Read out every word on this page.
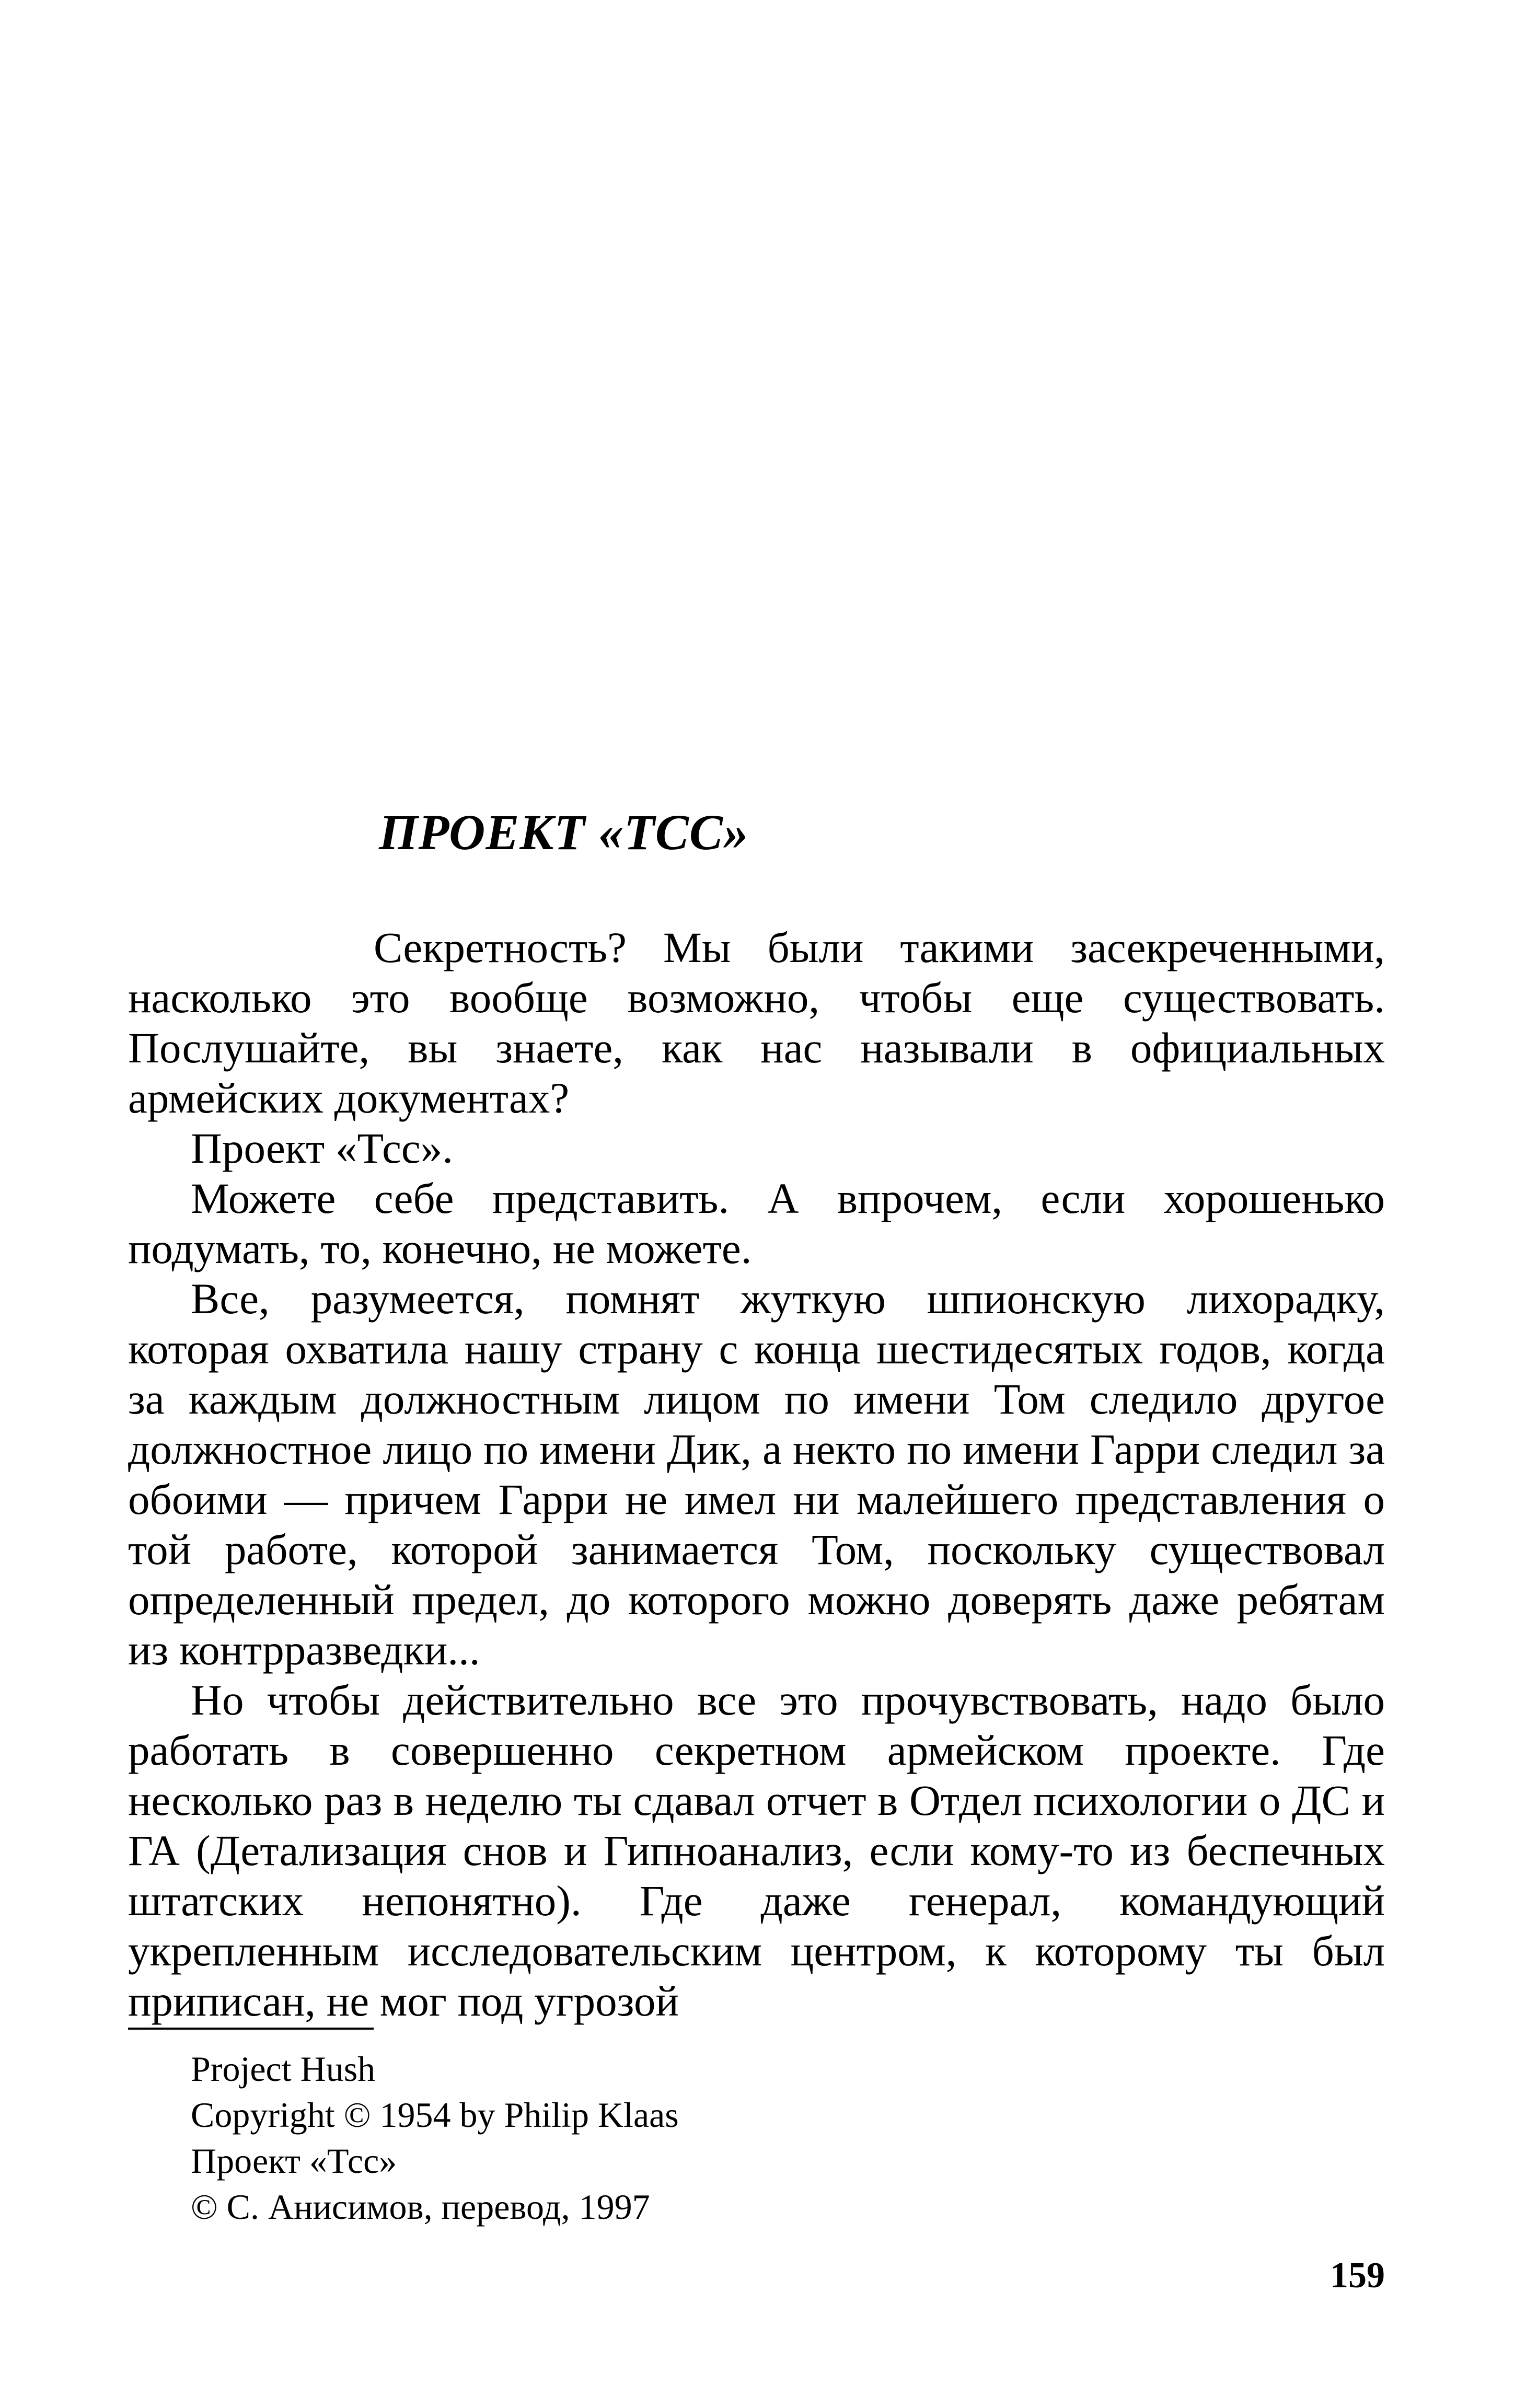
ПРОЕКТ «ТСС»

Секретность? Мы были такими засекреченными, насколько это вообще возможно, чтобы еще существовать. Послушайте, вы знаете, как нас называли в официальных армейских документах?

Проект «Тсс».

Можете себе представить. А впрочем, если хорошенько подумать, то, конечно, не можете.

Все, разумеется, помнят жуткую шпионскую лихорадку, которая охватила нашу страну с конца шестидесятых годов, когда за каждым должностным лицом по имени Том следило другое должностное лицо по имени Дик, а некто по имени Гарри следил за обоими — причем Гарри не имел ни малейшего представления о той работе, которой занимается Том, поскольку существовал определенный предел, до которого можно доверять даже ребятам из контрразведки...

Но чтобы действительно все это прочувствовать, надо было работать в совершенно секретном армейском проекте. Где несколько раз в неделю ты сдавал отчет в Отдел психологии о ДС и ГА (Детализация снов и Гипноанализ, если кому-то из беспечных штатских непонятно). Где даже генерал, командующий укрепленным исследовательским центром, к которому ты был приписан, не мог под угрозой

Project Hush
Copyright © 1954 by Philip Klaas
Проект «Тсс»
© С. Анисимов, перевод, 1997
159
